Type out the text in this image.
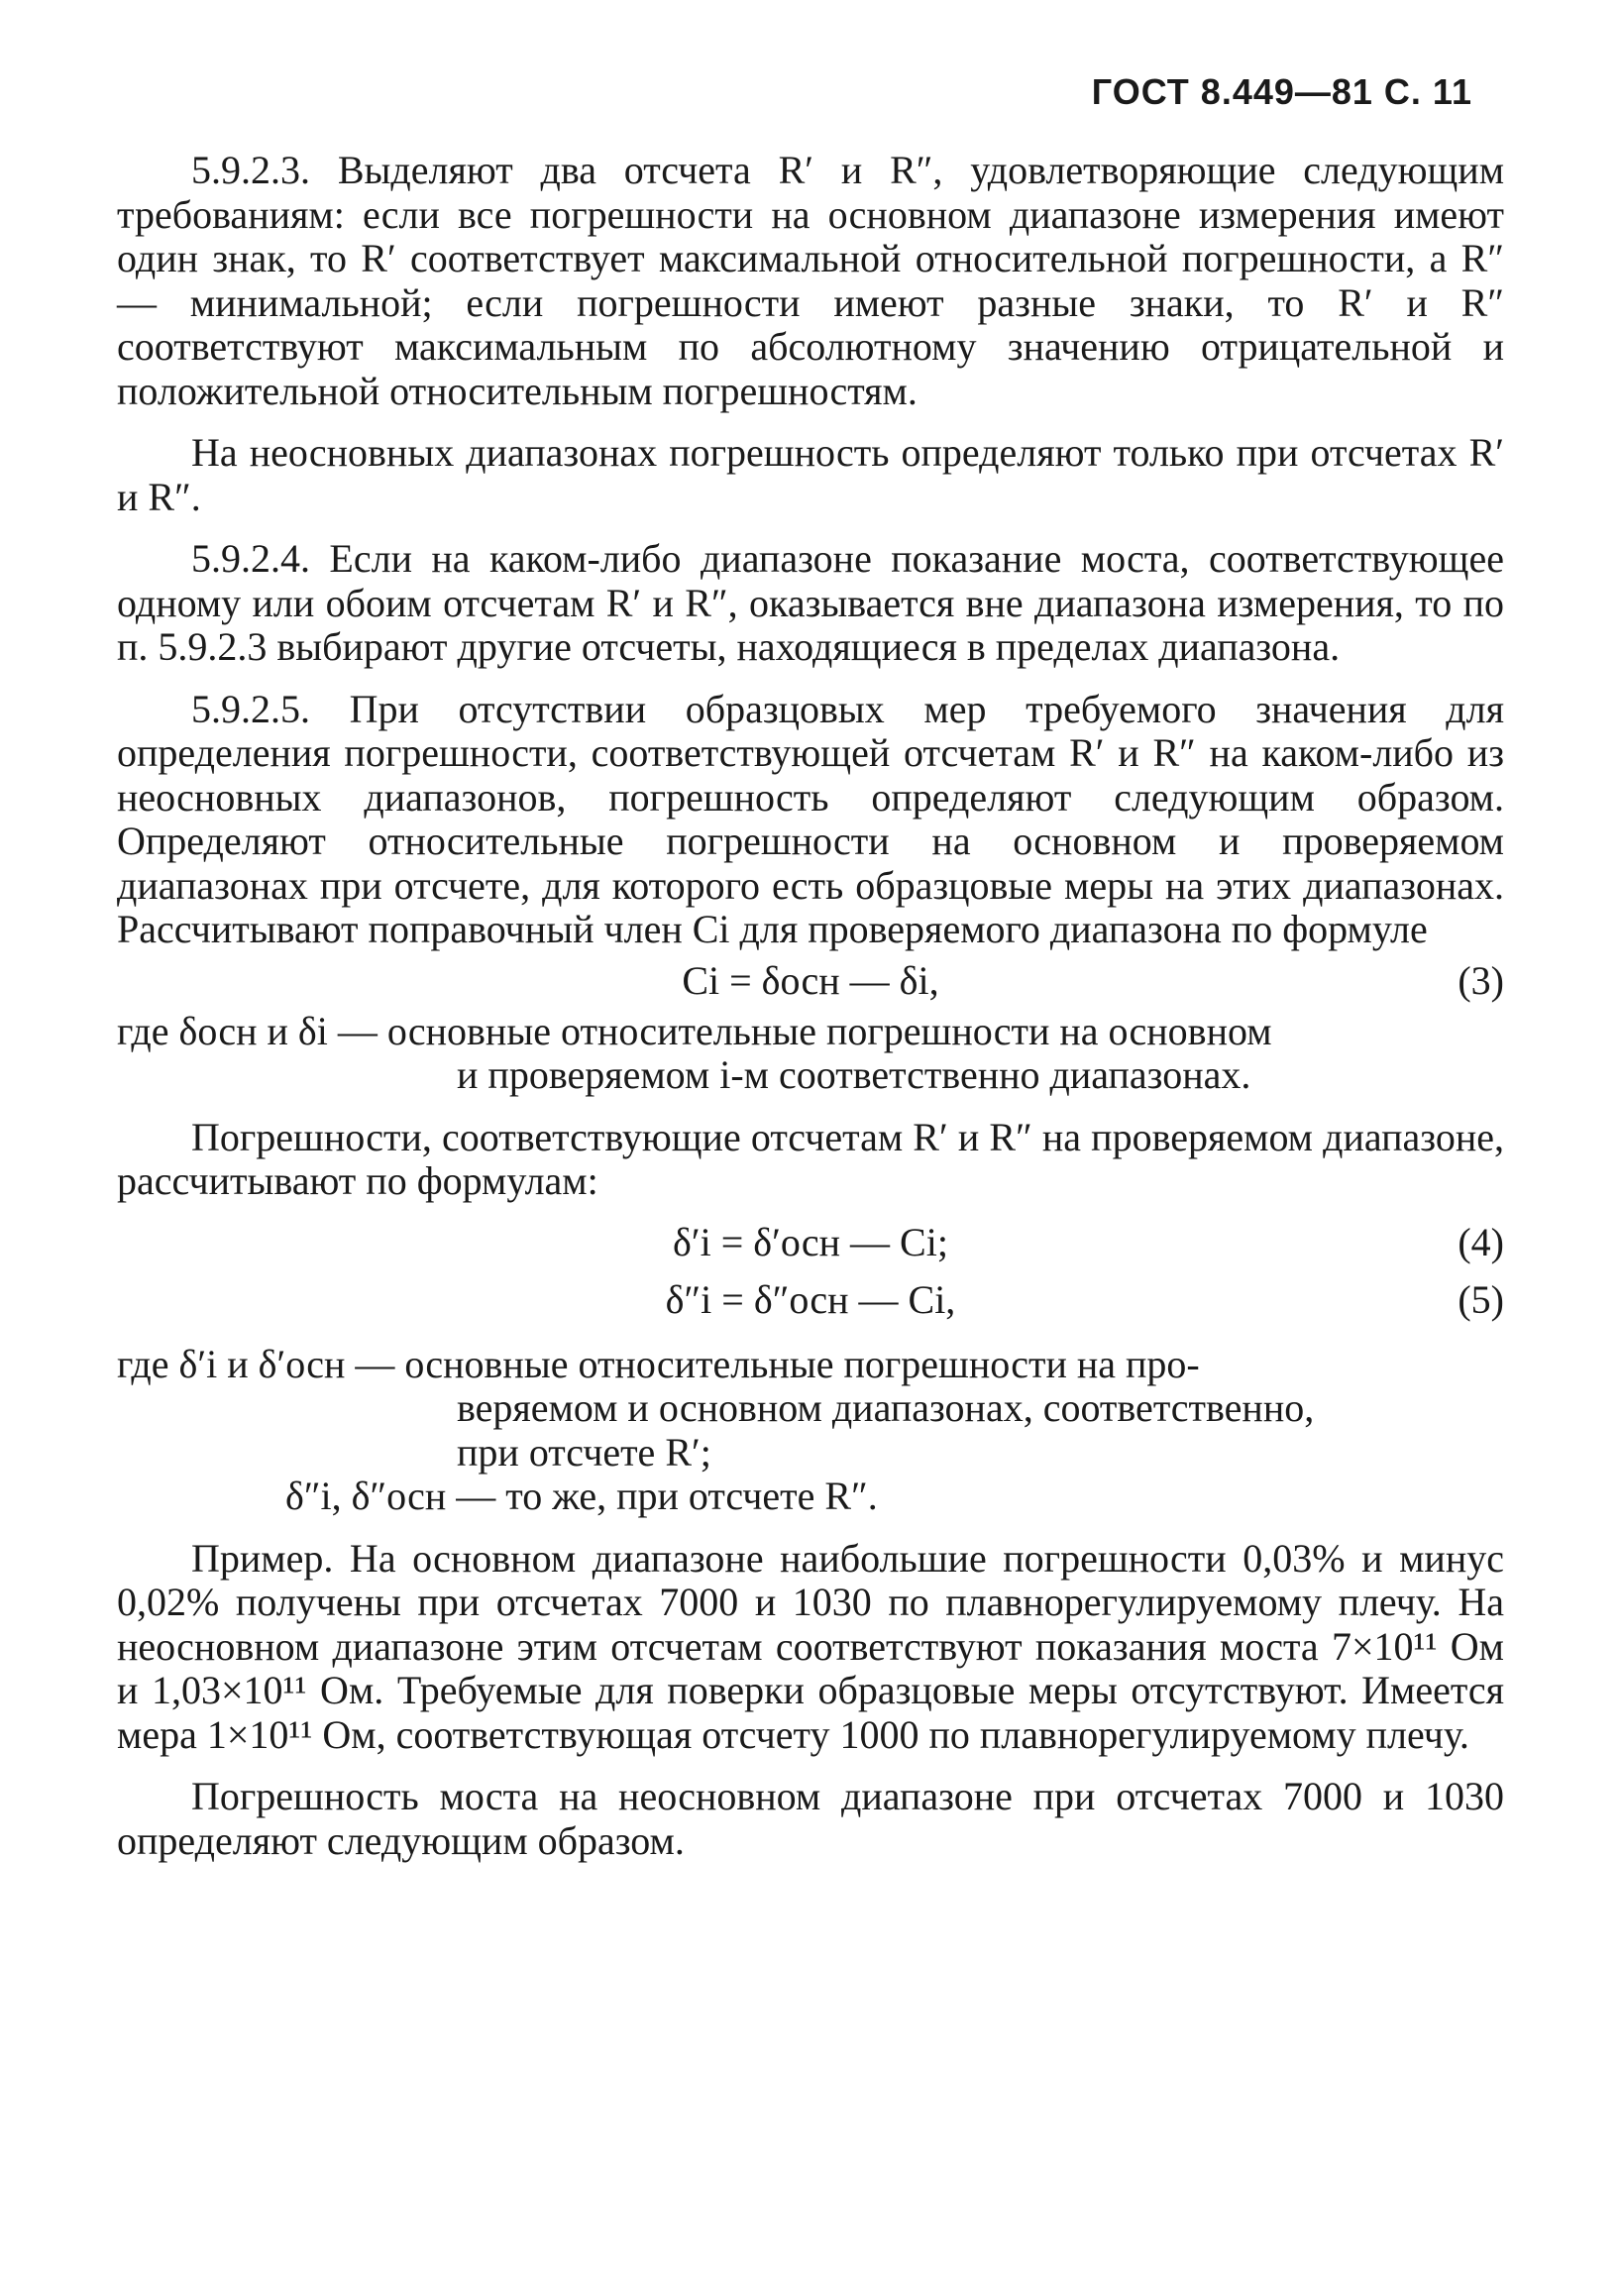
ГОСТ 8.449—81 С. 11

5.9.2.3. Выделяют два отсчета R′ и R″, удовлетворяющие следующим требованиям: если все погрешности на основном диапазоне измерения имеют один знак, то R′ соответствует максимальной относительной погрешности, а R″ — минимальной; если погрешности имеют разные знаки, то R′ и R″ соответствуют максимальным по абсолютному значению отрицательной и положительной относительным погрешностям.

На неосновных диапазонах погрешность определяют только при отсчетах R′ и R″.

5.9.2.4. Если на каком-либо диапазоне показание моста, соответствующее одному или обоим отсчетам R′ и R″, оказывается вне диапазона измерения, то по п. 5.9.2.3 выбирают другие отсчеты, находящиеся в пределах диапазона.

5.9.2.5. При отсутствии образцовых мер требуемого значения для определения погрешности, соответствующей отсчетам R′ и R″ на каком-либо из неосновных диапазонов, погрешность определяют следующим образом. Определяют относительные погрешности на основном и проверяемом диапазонах при отсчете, для которого есть образцовые меры на этих диапазонах. Рассчитывают поправочный член Ci для проверяемого диапазона по формуле

Ci = δосн — δi,	(3)

где δосн и δi — основные относительные погрешности на основном

и проверяемом i-м соответственно диапазонах.

Погрешности, соответствующие отсчетам R′ и R″ на проверяемом диапазоне, рассчитывают по формулам:

δ′i = δ′осн — Ci;	(4)
δ″i = δ″осн — Ci,	(5)

где δ′i и δ′осн — основные относительные погрешности на про-

веряемом и основном диапазонах, соответственно,

при отсчете R′;

δ″i, δ″осн — то же, при отсчете R″.

Пример. На основном диапазоне наибольшие погрешности 0,03% и минус 0,02% получены при отсчетах 7000 и 1030 по плавнорегулируемому плечу. На неосновном диапазоне этим отсчетам соответствуют показания моста 7×10¹¹ Ом и 1,03×10¹¹ Ом. Требуемые для поверки образцовые меры отсутствуют. Имеется мера 1×10¹¹ Ом, соответствующая отсчету 1000 по плавнорегулируемому плечу.

Погрешность моста на неосновном диапазоне при отсчетах 7000 и 1030 определяют следующим образом.
